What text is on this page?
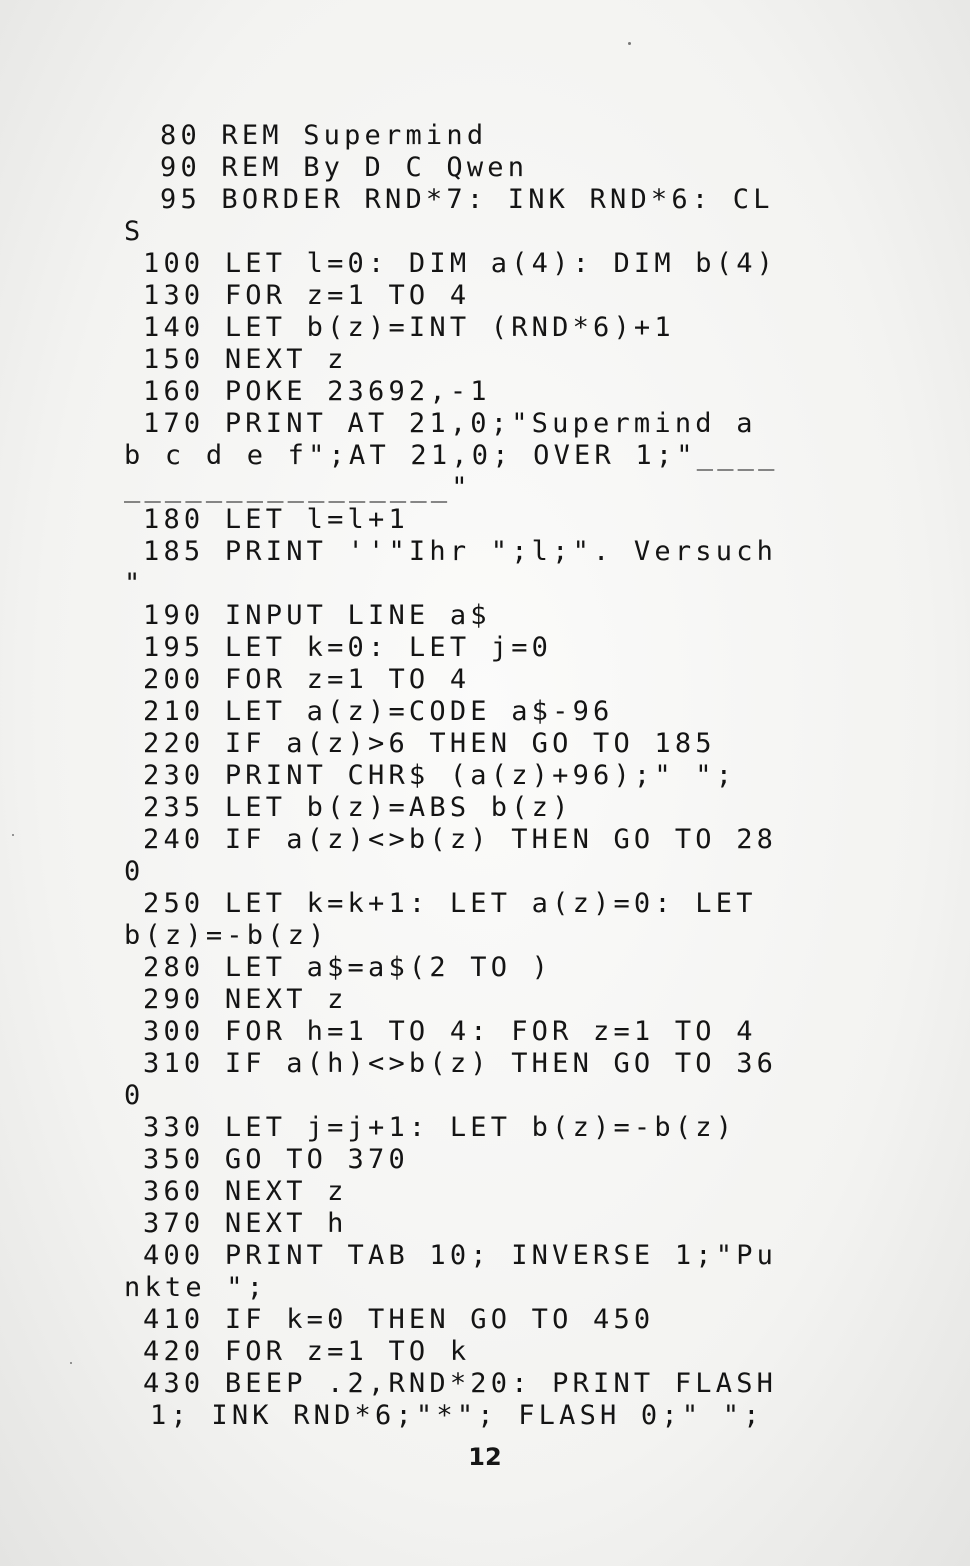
80 REM Supermind
90 REM By D C Qwen
95 BORDER RND*7: INK RND*6: CL
S
100 LET l=0: DIM a(4): DIM b(4)
130 FOR z=1 TO 4
140 LET b(z)=INT (RND*6)+1
150 NEXT z
160 POKE 23692,-1
170 PRINT AT 21,0;"Supermind a
b c d e f";AT 21,0; OVER 1;"____
________________"
180 LET l=l+1
185 PRINT ''"Ihr ";l;". Versuch
"
190 INPUT LINE a$
195 LET k=0: LET j=0
200 FOR z=1 TO 4
210 LET a(z)=CODE a$-96
220 IF a(z)>6 THEN GO TO 185
230 PRINT CHR$ (a(z)+96);" ";
235 LET b(z)=ABS b(z)
240 IF a(z)<>b(z) THEN GO TO 28
0
250 LET k=k+1: LET a(z)=0: LET
b(z)=-b(z)
280 LET a$=a$(2 TO )
290 NEXT z
300 FOR h=1 TO 4: FOR z=1 TO 4
310 IF a(h)<>b(z) THEN GO TO 36
0
330 LET j=j+1: LET b(z)=-b(z)
350 GO TO 370
360 NEXT z
370 NEXT h
400 PRINT TAB 10; INVERSE 1;"Pu
nkte ";
410 IF k=0 THEN GO TO 450
420 FOR z=1 TO k
430 BEEP .2,RND*20: PRINT FLASH
1; INK RND*6;"*"; FLASH 0;" ";
12
